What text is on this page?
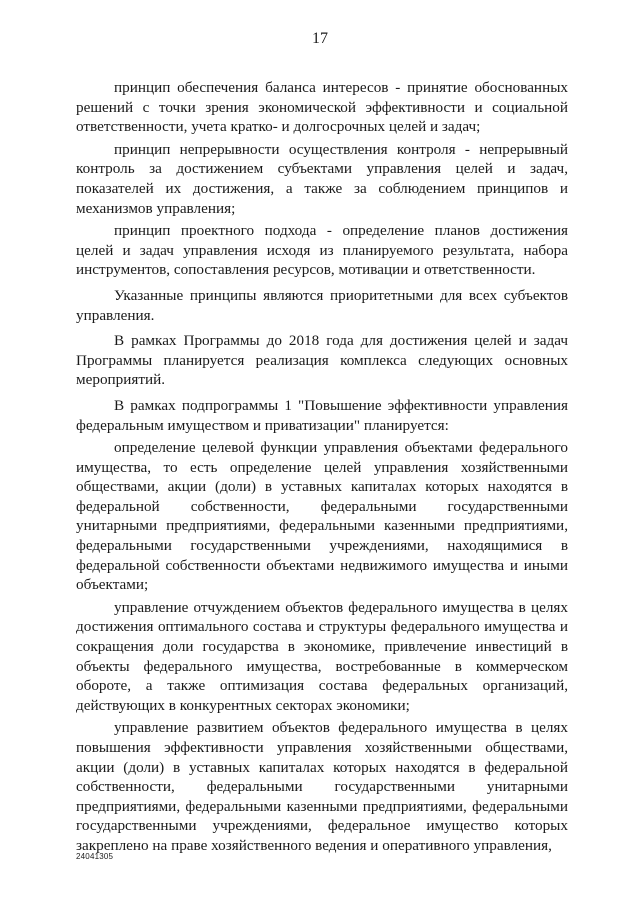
17

принцип обеспечения баланса интересов - принятие обоснованных решений с точки зрения экономической эффективности и социальной ответственности, учета кратко- и долгосрочных целей и задач;

принцип непрерывности осуществления контроля - непрерывный контроль за достижением субъектами управления целей и задач, показателей их достижения, а также за соблюдением принципов и механизмов управления;

принцип проектного подхода - определение планов достижения целей и задач управления исходя из планируемого результата, набора инструментов, сопоставления ресурсов, мотивации и ответственности.

Указанные принципы являются приоритетными для всех субъектов управления.

В рамках Программы до 2018 года для достижения целей и задач Программы планируется реализация комплекса следующих основных мероприятий.

В рамках подпрограммы 1 "Повышение эффективности управления федеральным имуществом и приватизации" планируется:

определение целевой функции управления объектами федерального имущества, то есть определение целей управления хозяйственными обществами, акции (доли) в уставных капиталах которых находятся в федеральной собственности, федеральными государственными унитарными предприятиями, федеральными казенными предприятиями, федеральными государственными учреждениями, находящимися в федеральной собственности объектами недвижимого имущества и иными объектами;

управление отчуждением объектов федерального имущества в целях достижения оптимального состава и структуры федерального имущества и сокращения доли государства в экономике, привлечение инвестиций в объекты федерального имущества, востребованные в коммерческом обороте, а также оптимизация состава федеральных организаций, действующих в конкурентных секторах экономики;

управление развитием объектов федерального имущества в целях повышения эффективности управления хозяйственными обществами, акции (доли) в уставных капиталах которых находятся в федеральной собственности, федеральными государственными унитарными предприятиями, федеральными казенными предприятиями, федеральными государственными учреждениями, федеральное имущество которых закреплено на праве хозяйственного ведения и оперативного управления,

24041305
